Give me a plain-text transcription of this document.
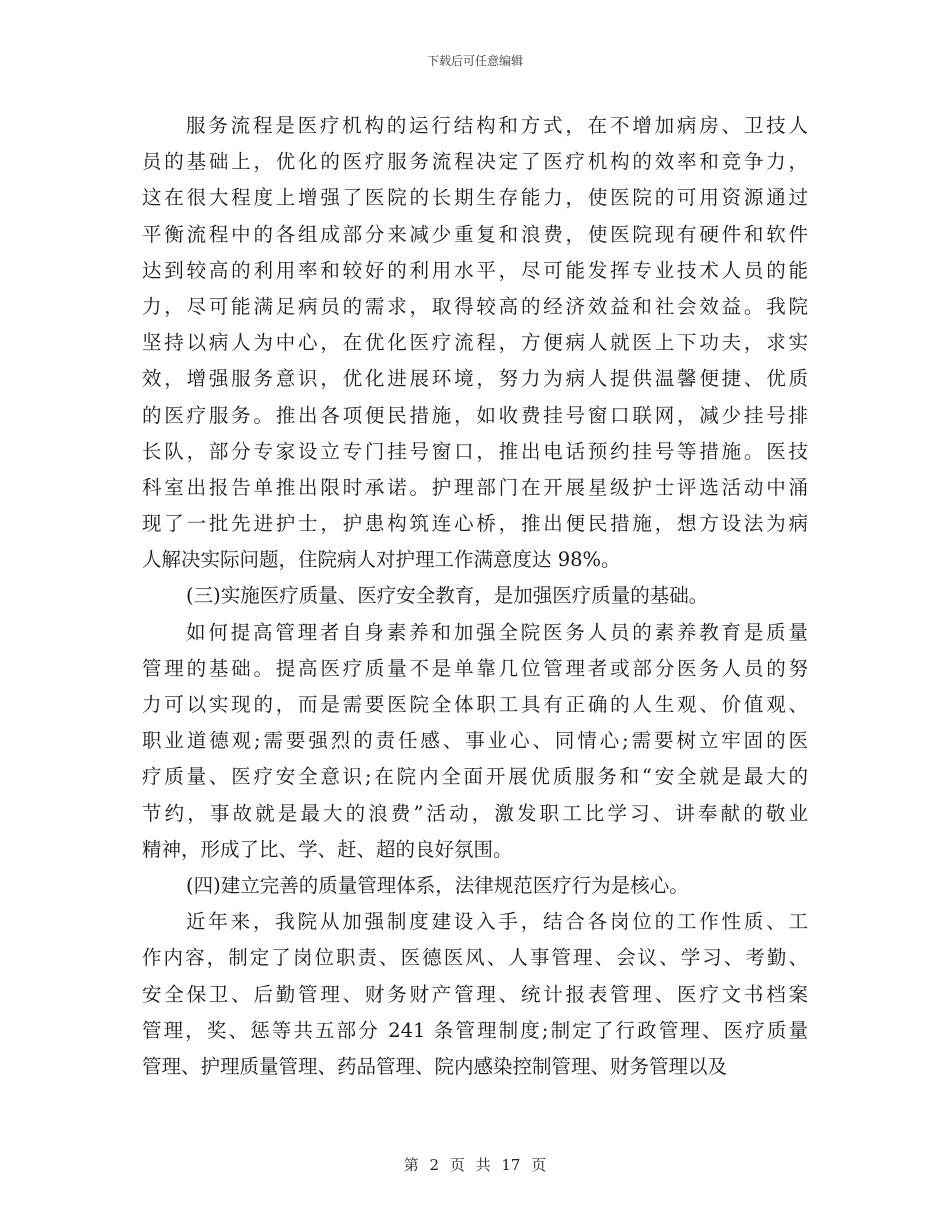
下载后可任意编辑
服务流程是医疗机构的运行结构和方式，在不增加病房、卫技人
员的基础上，优化的医疗服务流程决定了医疗机构的效率和竞争力，
这在很大程度上增强了医院的长期生存能力，使医院的可用资源通过
平衡流程中的各组成部分来减少重复和浪费，使医院现有硬件和软件
达到较高的利用率和较好的利用水平，尽可能发挥专业技术人员的能
力，尽可能满足病员的需求，取得较高的经济效益和社会效益。我院
坚持以病人为中心，在优化医疗流程，方便病人就医上下功夫，求实
效，增强服务意识，优化进展环境，努力为病人提供温馨便捷、优质
的医疗服务。推出各项便民措施，如收费挂号窗口联网，减少挂号排
长队，部分专家设立专门挂号窗口，推出电话预约挂号等措施。医技
科室出报告单推出限时承诺。护理部门在开展星级护士评选活动中涌
现了一批先进护士，护患构筑连心桥，推出便民措施，想方设法为病
人解决实际问题，住院病人对护理工作满意度达 98%。
(三)实施医疗质量、医疗安全教育，是加强医疗质量的基础。
如何提高管理者自身素养和加强全院医务人员的素养教育是质量
管理的基础。提高医疗质量不是单靠几位管理者或部分医务人员的努
力可以实现的，而是需要医院全体职工具有正确的人生观、价值观、
职业道德观;需要强烈的责任感、事业心、同情心;需要树立牢固的医
疗质量、医疗安全意识;在院内全面开展优质服务和“安全就是最大的
节约，事故就是最大的浪费”活动，激发职工比学习、讲奉献的敬业
精神，形成了比、学、赶、超的良好氛围。
(四)建立完善的质量管理体系，法律规范医疗行为是核心。
近年来，我院从加强制度建设入手，结合各岗位的工作性质、工
作内容，制定了岗位职责、医德医风、人事管理、会议、学习、考勤、
安全保卫、后勤管理、财务财产管理、统计报表管理、医疗文书档案
管理，奖、惩等共五部分 241 条管理制度;制定了行政管理、医疗质量
管理、护理质量管理、药品管理、院内感染控制管理、财务管理以及
第 2 页 共 17 页
